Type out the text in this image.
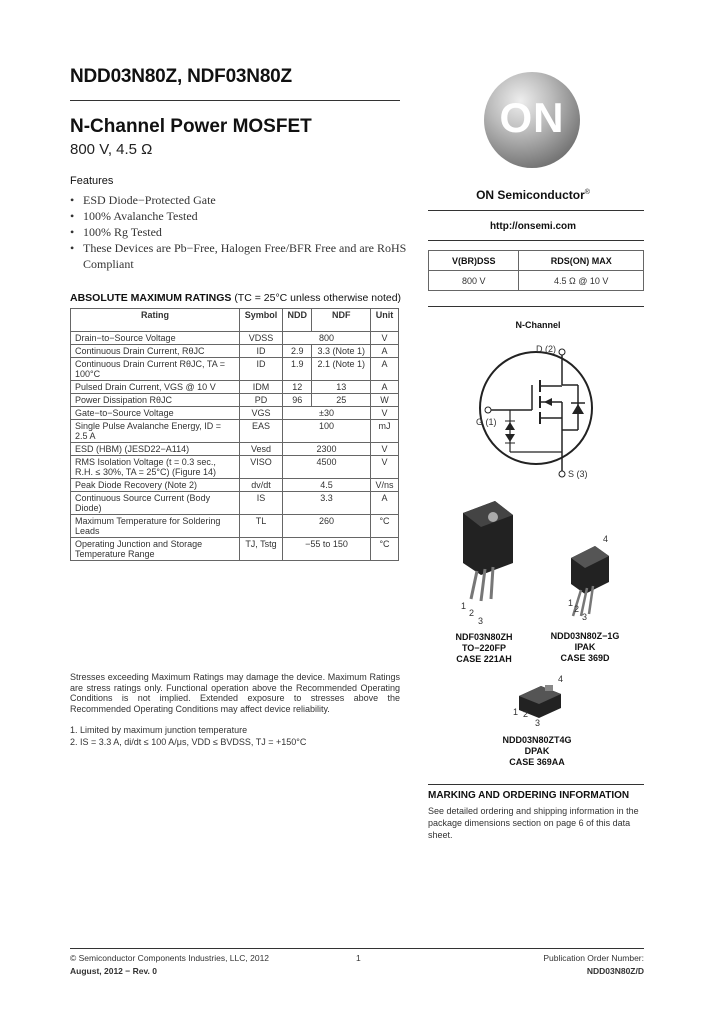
NDD03N80Z, NDF03N80Z
N-Channel Power MOSFET
800 V, 4.5 Ω
Features
• ESD Diode−Protected Gate
• 100% Avalanche Tested
• 100% Rg Tested
• These Devices are Pb−Free, Halogen Free/BFR Free and are RoHS Compliant
ABSOLUTE MAXIMUM RATINGS (TC = 25°C unless otherwise noted)
Rating	Symbol	NDD	NDF	Unit
Drain−to−Source Voltage	VDSS	800		V
Continuous Drain Current, RθJC	ID	2.9	3.3 (Note 1)	A
Continuous Drain Current RθJC, TA = 100°C	ID	1.9	2.1 (Note 1)	A
Pulsed Drain Current, VGS @ 10 V	IDM	12	13	A
Power Dissipation RθJC	PD	96	25	W
Gate−to−Source Voltage	VGS	±30		V
Single Pulse Avalanche Energy, ID = 2.5 A	EAS	100		mJ
ESD (HBM) (JESD22−A114)	Vesd	2300		V
RMS Isolation Voltage (t = 0.3 sec., R.H. ≤ 30%, TA = 25°C) (Figure 14)	VISO	4500		V
Peak Diode Recovery (Note 2)	dv/dt	4.5		V/ns
Continuous Source Current (Body Diode)	IS	3.3		A
Maximum Temperature for Soldering Leads	TL	260		°C
Operating Junction and Storage Temperature Range	TJ, Tstg	−55 to 150		°C
Stresses exceeding Maximum Ratings may damage the device. Maximum Ratings are stress ratings only. Functional operation above the Recommended Operating Conditions is not implied. Extended exposure to stresses above the Recommended Operating Conditions may affect device reliability.
1. Limited by maximum junction temperature
2. IS = 3.3 A, di/dt ≤ 100 A/μs, VDD ≤ BVDSS, TJ = +150°C
ON
ON Semiconductor®
http://onsemi.com
V(BR)DSS	RDS(ON) MAX
800 V	4.5 Ω @ 10 V
N-Channel
D (2)
G (1)
S (3)
1
2
3
NDF03N80ZH
TO−220FP
CASE 221AH
4
1
2
3
NDD03N80Z−1G
IPAK
CASE 369D
4
1 2
3
NDD03N80ZT4G
DPAK
CASE 369AA
MARKING AND ORDERING INFORMATION
See detailed ordering and shipping information in the package dimensions section on page 6 of this data sheet.
© Semiconductor Components Industries, LLC, 2012
August, 2012 − Rev. 0
1	Publication Order Number:
NDD03N80Z/D
